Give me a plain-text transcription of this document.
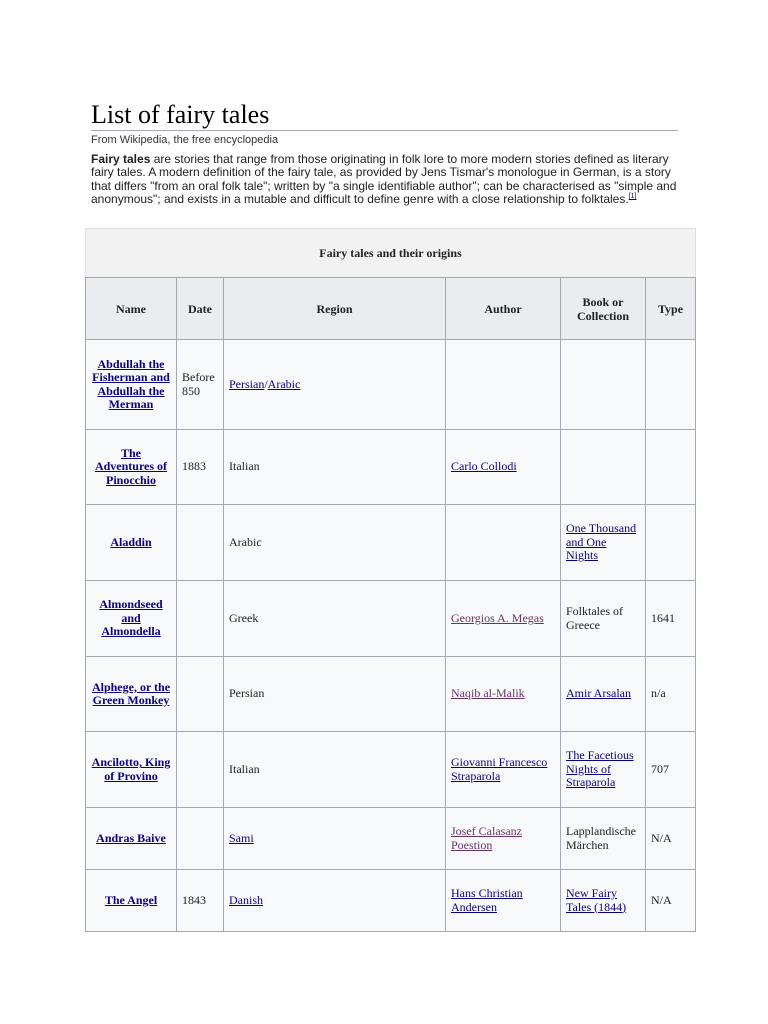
List of fairy tales
From Wikipedia, the free encyclopedia

Fairy tales are stories that range from those originating in folk lore to more modern stories defined as literary fairy tales. A modern definition of the fairy tale, as provided by Jens Tismar's monologue in German, is a story that differs "from an oral folk tale"; written by "a single identifiable author"; can be characterised as "simple and anonymous"; and exists in a mutable and difficult to define genre with a close relationship to folktales.[1]

Fairy tales and their origins
Name	Date	Region	Author	Book or Collection	Type
Abdullah the Fisherman and Abdullah the Merman	Before 850	Persian/Arabic			
The Adventures of Pinocchio	1883	Italian	Carlo Collodi		
Aladdin		Arabic		One Thousand and One Nights	
Almondseed and Almondella		Greek	Georgios A. Megas	Folktales of Greece	1641
Alphege, or the Green Monkey		Persian	Naqib al-Malik	Amir Arsalan	n/a
Ancilotto, King of Provino		Italian	Giovanni Francesco Straparola	The Facetious Nights of Straparola	707
Andras Baive		Sami	Josef Calasanz Poestion	Lapplandische Märchen	N/A
The Angel	1843	Danish	Hans Christian Andersen	New Fairy Tales (1844)	N/A
